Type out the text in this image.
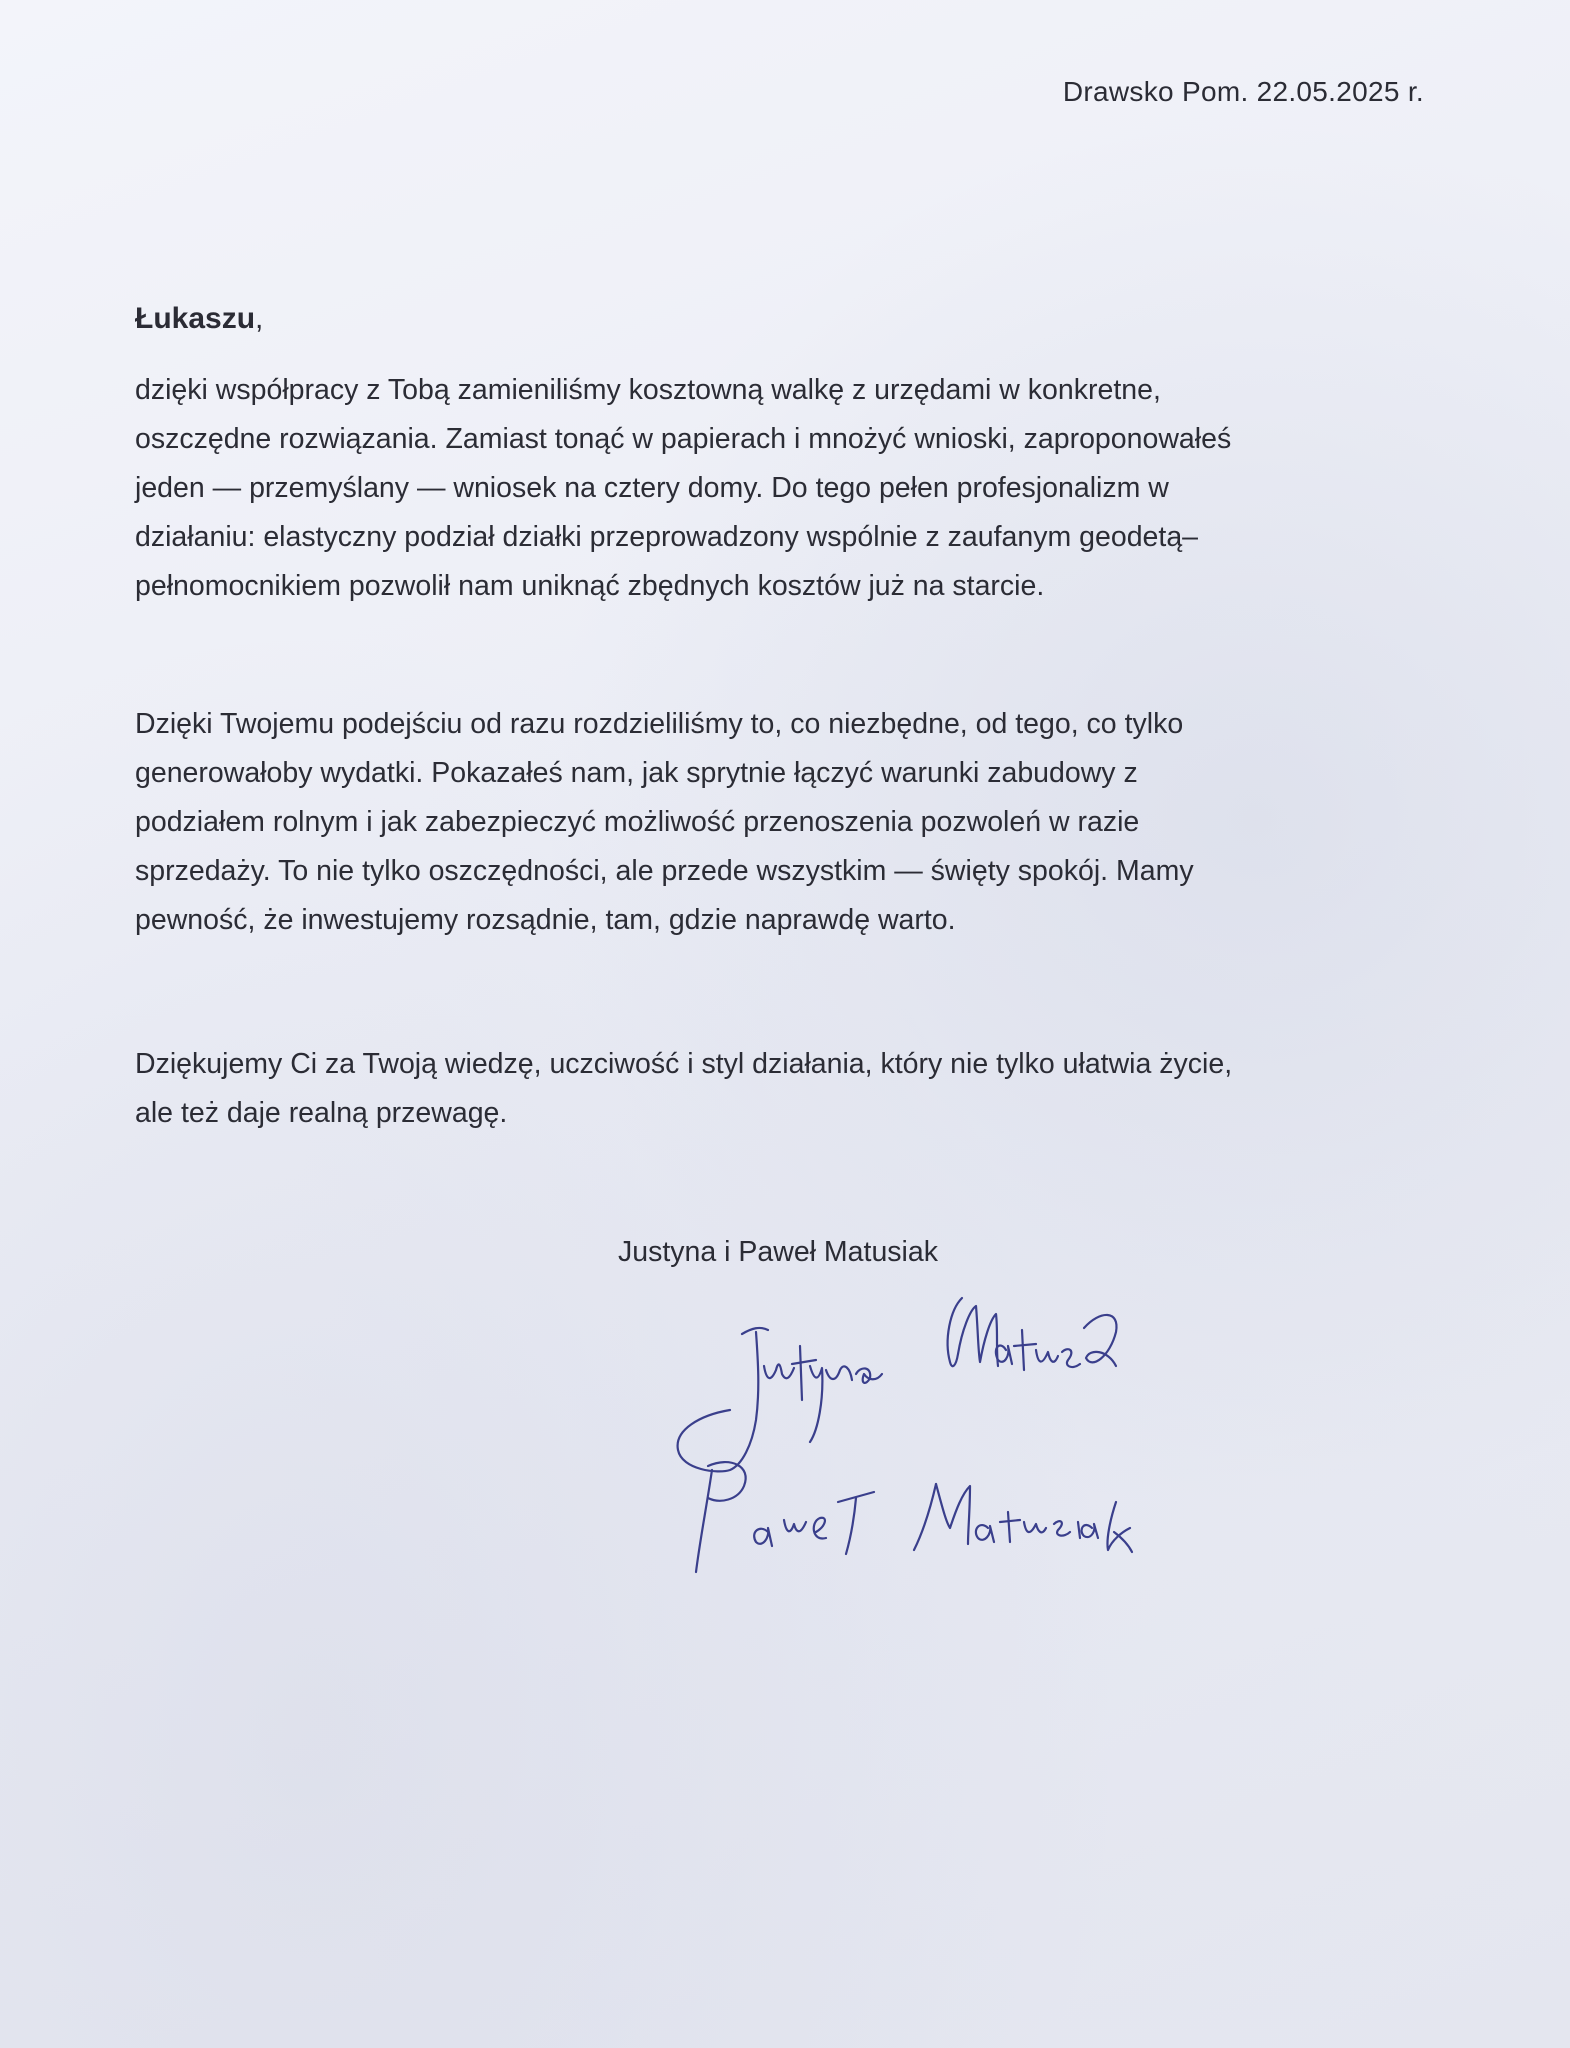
Drawsko Pom. 22.05.2025 r.
Łukaszu,

dzięki współpracy z Tobą zamieniliśmy kosztowną walkę z urzędami w konkretne,
oszczędne rozwiązania. Zamiast tonąć w papierach i mnożyć wnioski, zaproponowałeś
jeden — przemyślany — wniosek na cztery domy. Do tego pełen profesjonalizm w
działaniu: elastyczny podział działki przeprowadzony wspólnie z zaufanym geodetą–
pełnomocnikiem pozwolił nam uniknąć zbędnych kosztów już na starcie.

Dzięki Twojemu podejściu od razu rozdzieliliśmy to, co niezbędne, od tego, co tylko
generowałoby wydatki. Pokazałeś nam, jak sprytnie łączyć warunki zabudowy z
podziałem rolnym i jak zabezpieczyć możliwość przenoszenia pozwoleń w razie
sprzedaży. To nie tylko oszczędności, ale przede wszystkim — święty spokój. Mamy
pewność, że inwestujemy rozsądnie, tam, gdzie naprawdę warto.

Dziękujemy Ci za Twoją wiedzę, uczciwość i styl działania, który nie tylko ułatwia życie,
ale też daje realną przewagę.

Justyna i Paweł Matusiak
